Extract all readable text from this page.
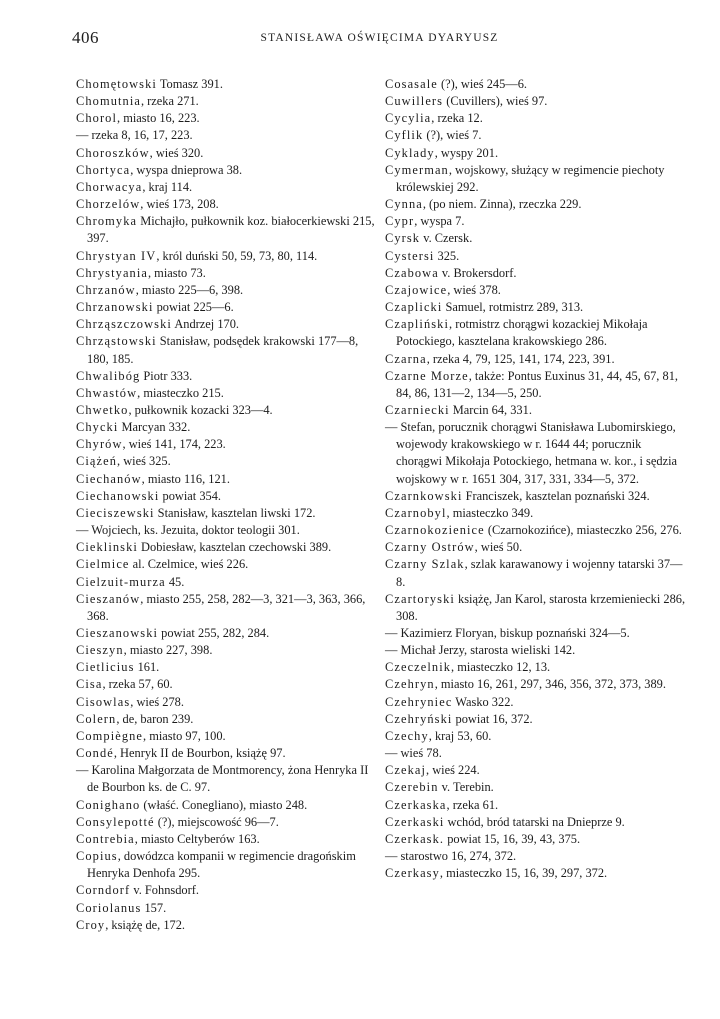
406	STANISŁAWA OŚWIĘCIMA DYARYUSZ
Chomętowski Tomasz 391.
Chomutnia, rzeka 271.
Chorol, miasto 16, 223.
— rzeka 8, 16, 17, 223.
Choroszków, wieś 320.
Chortyca, wyspa dnieprowa 38.
Chorwacya, kraj 114.
Chorzelów, wieś 173, 208.
Chromyka Michajło, pułkownik koz. białocerkiewski 215, 397.
Chrystyan IV, król duński 50, 59, 73, 80, 114.
Chrystyania, miasto 73.
Chrzanów, miasto 225—6, 398.
Chrzanowski powiat 225—6.
Chrząszczowski Andrzej 170.
Chrząstowski Stanisław, podsędek krakowski 177—8, 180, 185.
Chwalibóg Piotr 333.
Chwastów, miasteczko 215.
Chwetko, pułkownik kozacki 323—4.
Chycki Marcyan 332.
Chyrów, wieś 141, 174, 223.
Ciążeń, wieś 325.
Ciechanów, miasto 116, 121.
Ciechanowski powiat 354.
Cieciszewski Stanisław, kasztelan liwski 172.
— Wojciech, ks. Jezuita, doktor teologii 301.
Cieklinski Dobiesław, kasztelan czechowski 389.
Cielmice al. Czelmice, wieś 226.
Cielzuit-murza 45.
Cieszanów, miasto 255, 258, 282—3, 321—3, 363, 366, 368.
Cieszanowski powiat 255, 282, 284.
Cieszyn, miasto 227, 398.
Cietlicius 161.
Cisa, rzeka 57, 60.
Cisowlas, wieś 278.
Colern, de, baron 239.
Compiègne, miasto 97, 100.
Condé, Henryk II de Bourbon, książę 97.
— Karolina Małgorzata de Montmorency, żona Henryka II de Bourbon ks. de C. 97.
Conighano (właść. Conegliano), miasto 248.
Consylepotté (?), miejscowość 96—7.
Contrebia, miasto Celtyberów 163.
Copius, dowódzca kompanii w regimencie dragońskim Henryka Denhofa 295.
Corndorf v. Fohnsdorf.
Coriolanus 157.
Croy, książę de, 172.
Cosasale (?), wieś 245—6.
Cuwillers (Cuvillers), wieś 97.
Cycylia, rzeka 12.
Cyflik (?), wieś 7.
Cyklady, wyspy 201.
Cymerman, wojskowy, służący w regimencie piechoty królewskiej 292.
Cynna, (po niem. Zinna), rzeczka 229.
Cypr, wyspa 7.
Cyrsk v. Czersk.
Cystersi 325.
Czabowa v. Brokersdorf.
Czajowice, wieś 378.
Czaplicki Samuel, rotmistrz 289, 313.
Czapliński, rotmistrz chorągwi kozackiej Mikołaja Potockiego, kasztelana krakowskiego 286.
Czarna, rzeka 4, 79, 125, 141, 174, 223, 391.
Czarne Morze, także: Pontus Euxinus 31, 44, 45, 67, 81, 84, 86, 131—2, 134—5, 250.
Czarniecki Marcin 64, 331.
— Stefan, porucznik chorągwi Stanisława Lubomirskiego, wojewody krakowskiego w r. 1644 44; porucznik chorągwi Mikołaja Potockiego, hetmana w. kor., i sędzia wojskowy w r. 1651 304, 317, 331, 334—5, 372.
Czarnkowski Franciszek, kasztelan poznański 324.
Czarnobyl, miasteczko 349.
Czarnokozienice (Czarnokozińce), miasteczko 256, 276.
Czarny Ostrów, wieś 50.
Czarny Szlak, szlak karawanowy i wojenny tatarski 37—8.
Czartoryski książę, Jan Karol, starosta krzemieniecki 286, 308.
— Kazimierz Floryan, biskup poznański 324—5.
— Michał Jerzy, starosta wieliski 142.
Czeczelnik, miasteczko 12, 13.
Czehryn, miasto 16, 261, 297, 346, 356, 372, 373, 389.
Czehryniec Wasko 322.
Czehryński powiat 16, 372.
Czechy, kraj 53, 60.
— wieś 78.
Czekaj, wieś 224.
Czerebin v. Terebin.
Czerkaska, rzeka 61.
Czerkaski wchód, bród tatarski na Dnieprze 9.
Czerkask. powiat 15, 16, 39, 43, 375.
— starostwo 16, 274, 372.
Czerkasy, miasteczko 15, 16, 39, 297, 372.
